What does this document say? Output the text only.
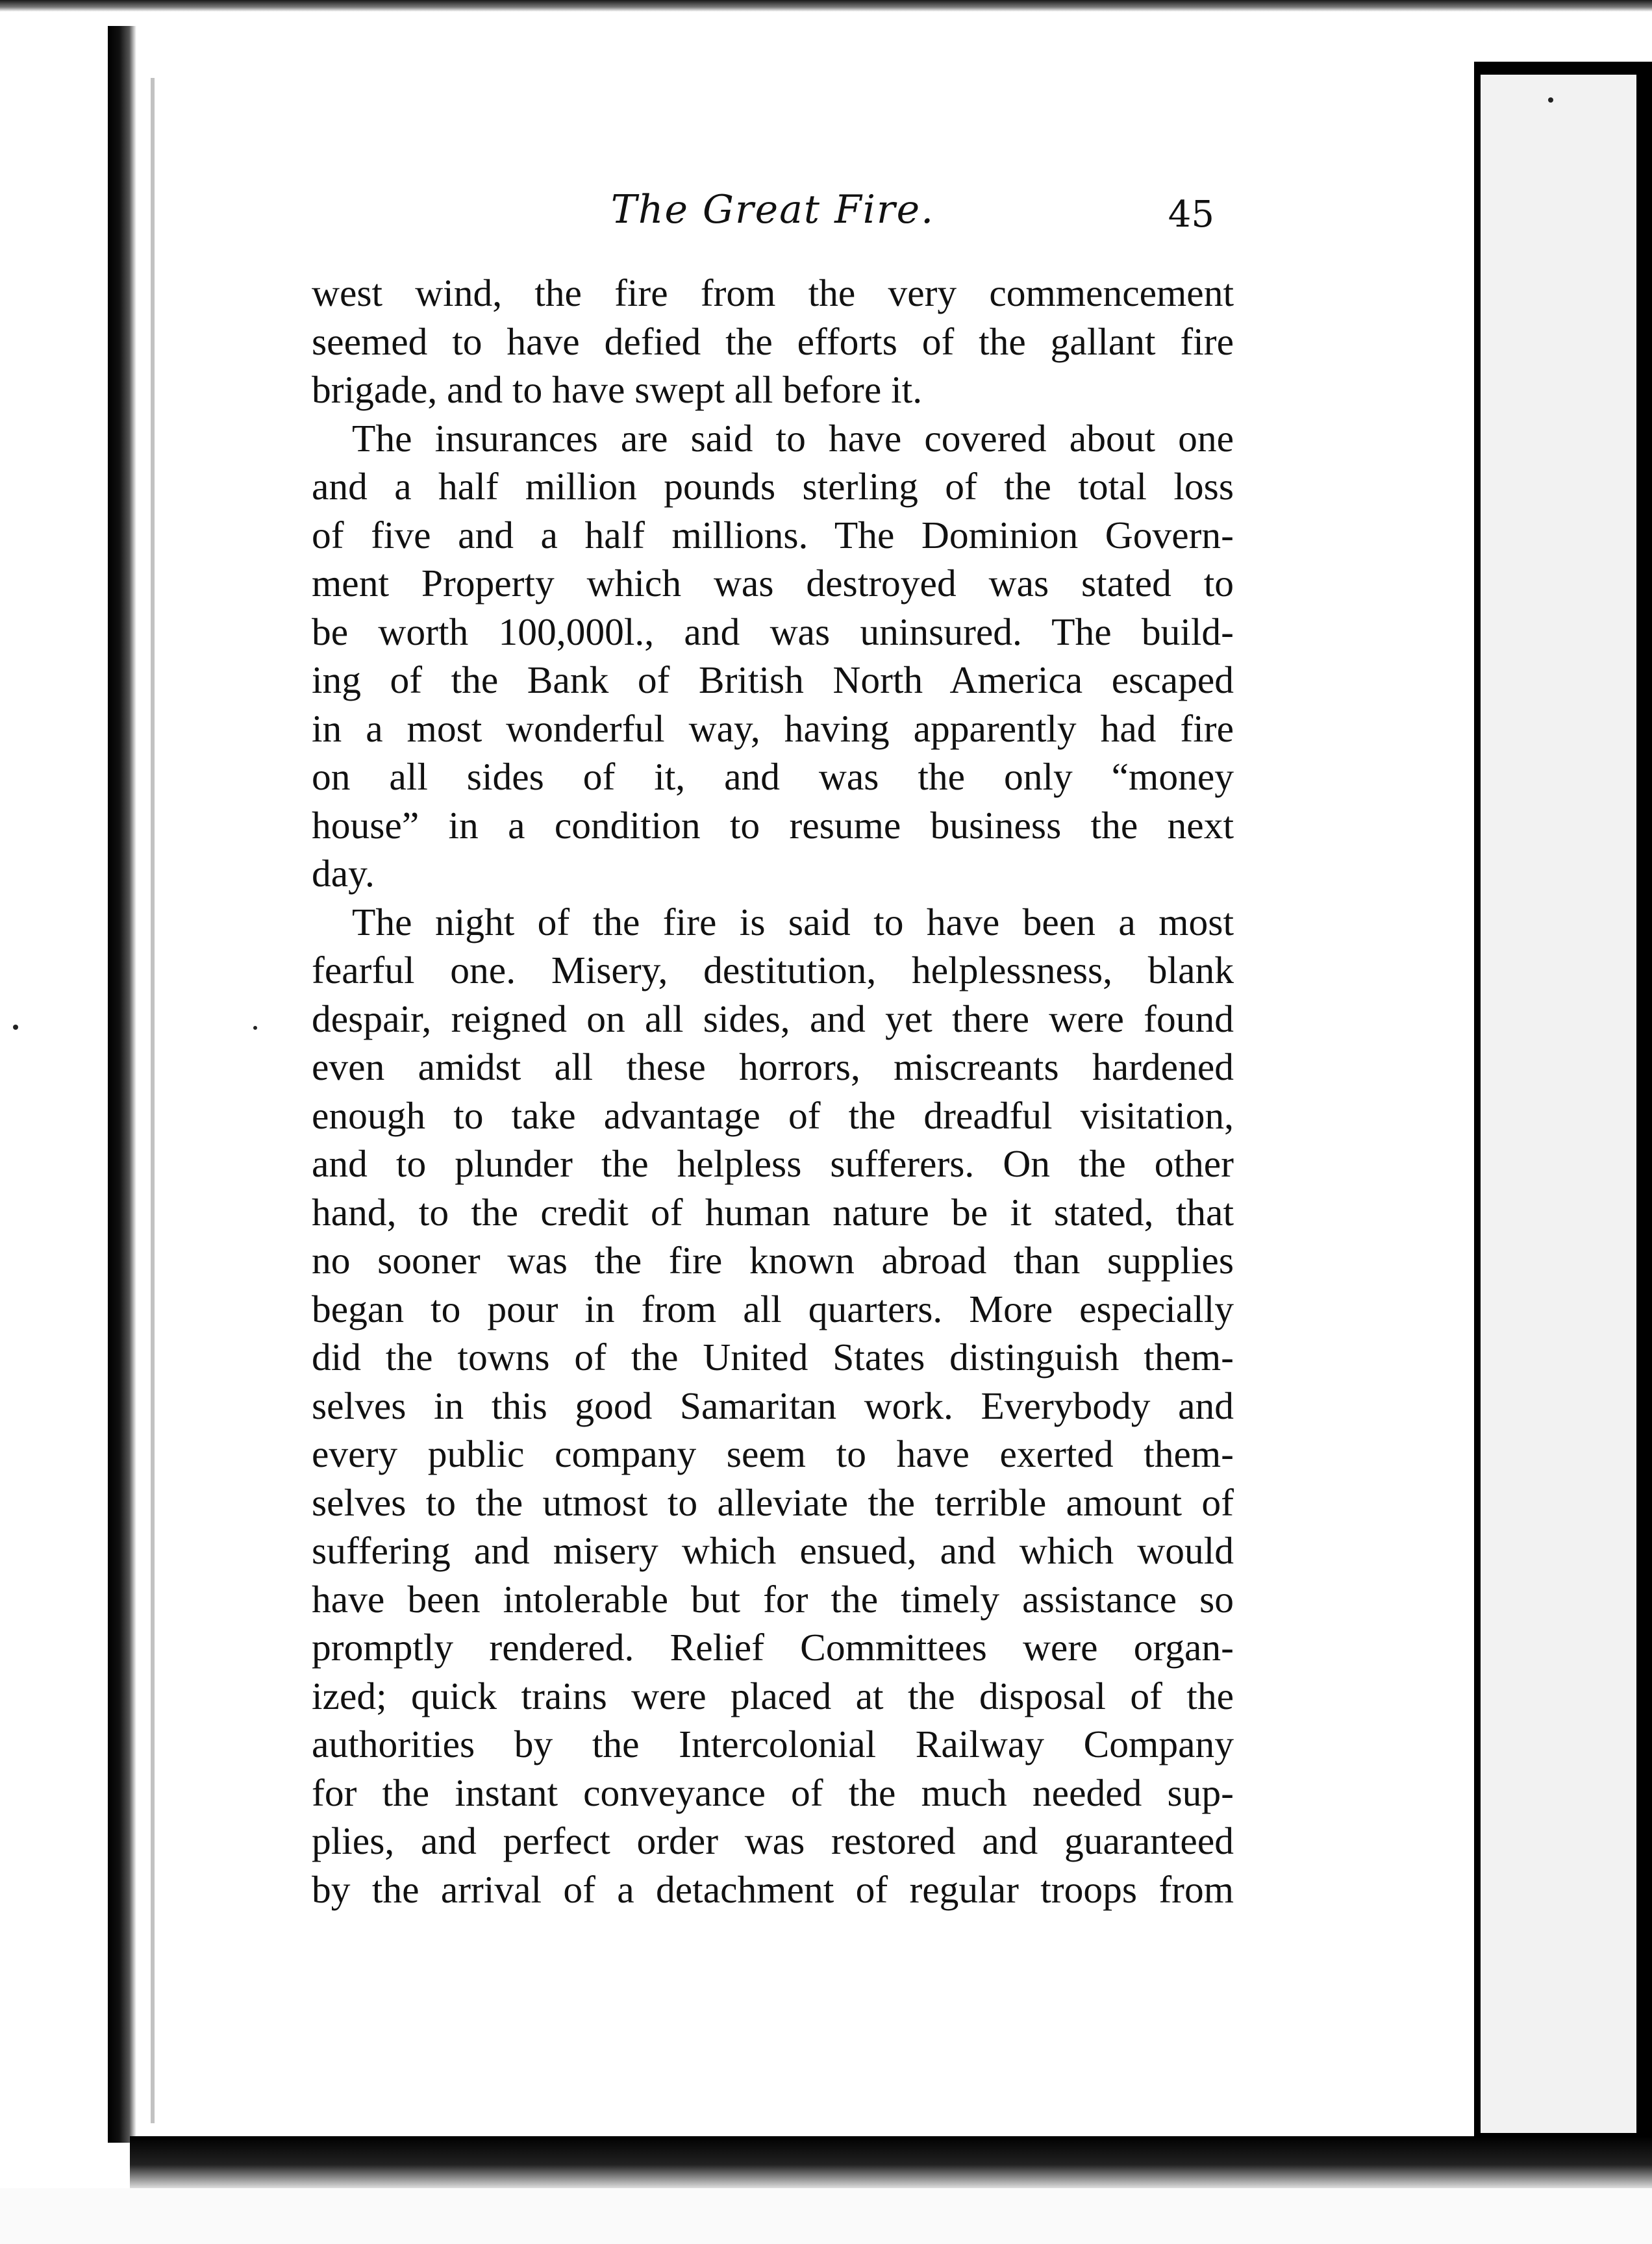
The Great Fire.	45
west wind, the fire from the very commencement
seemed to have defied the efforts of the gallant fire
brigade, and to have swept all before it.
The insurances are said to have covered about one
and a half million pounds sterling of the total loss
of five and a half millions. The Dominion Govern-
ment Property which was destroyed was stated to
be worth 100,000l., and was uninsured. The build-
ing of the Bank of British North America escaped
in a most wonderful way, having apparently had fire
on all sides of it, and was the only “money
house” in a condition to resume business the next
day.
The night of the fire is said to have been a most
fearful one. Misery, destitution, helplessness, blank
despair, reigned on all sides, and yet there were found
even amidst all these horrors, miscreants hardened
enough to take advantage of the dreadful visitation,
and to plunder the helpless sufferers. On the other
hand, to the credit of human nature be it stated, that
no sooner was the fire known abroad than supplies
began to pour in from all quarters. More especially
did the towns of the United States distinguish them-
selves in this good Samaritan work. Everybody and
every public company seem to have exerted them-
selves to the utmost to alleviate the terrible amount of
suffering and misery which ensued, and which would
have been intolerable but for the timely assistance so
promptly rendered. Relief Committees were organ-
ized; quick trains were placed at the disposal of the
authorities by the Intercolonial Railway Company
for the instant conveyance of the much needed sup-
plies, and perfect order was restored and guaranteed
by the arrival of a detachment of regular troops from
